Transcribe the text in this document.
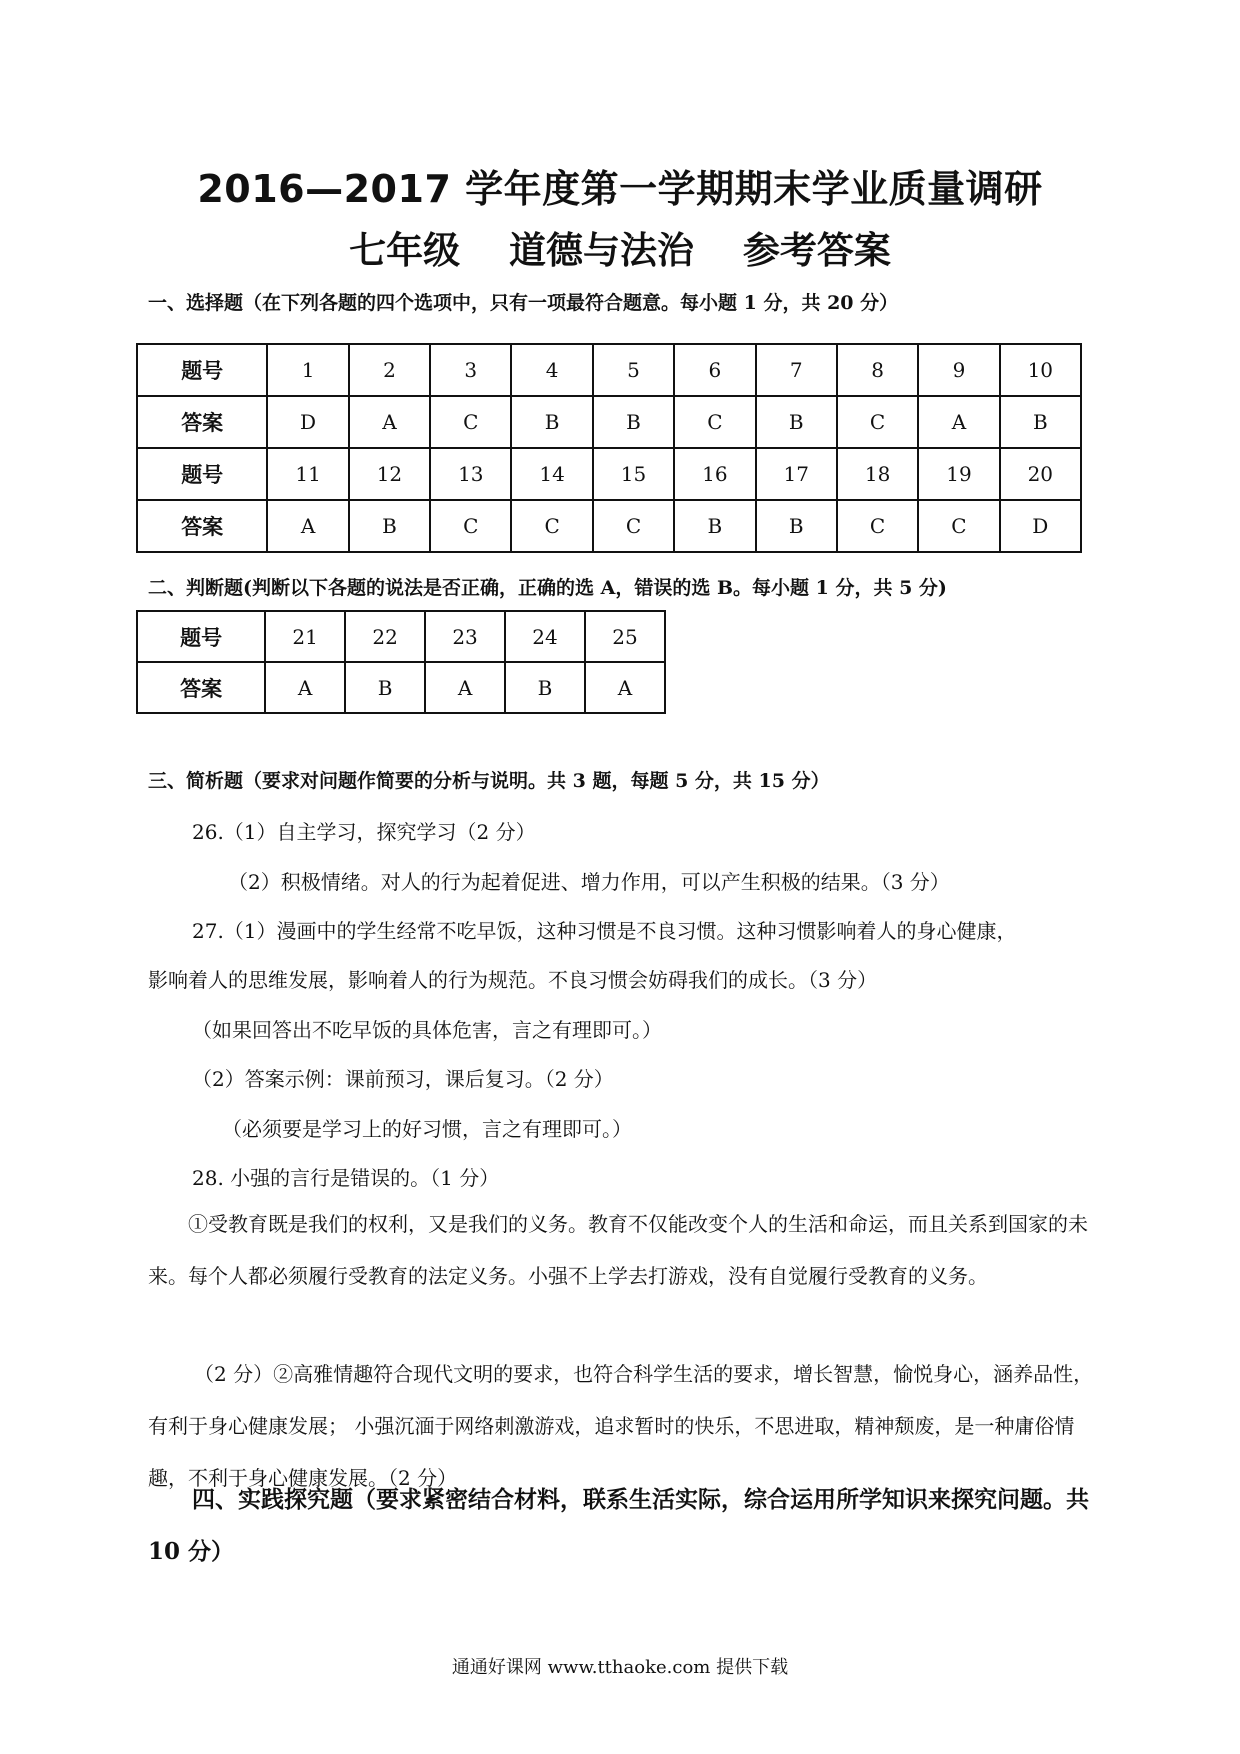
2016—2017 学年度第一学期期末学业质量调研
七年级 道德与法治 参考答案
一、选择题（在下列各题的四个选项中，只有一项最符合题意。每小题 1 分，共 20 分）
题号	1	2	3	4	5	6	7	8	9	10
答案	D	A	C	B	B	C	B	C	A	B
题号	11	12	13	14	15	16	17	18	19	20
答案	A	B	C	C	C	B	B	C	C	D
二、判断题(判断以下各题的说法是否正确，正确的选 A，错误的选 B。每小题 1 分，共 5 分)
题号	21	22	23	24	25
答案	A	B	A	B	A
三、简析题（要求对问题作简要的分析与说明。共 3 题，每题 5 分，共 15 分）
26.（1）自主学习，探究学习（2 分）
（2）积极情绪。对人的行为起着促进、增力作用，可以产生积极的结果。（3 分）
27.（1）漫画中的学生经常不吃早饭，这种习惯是不良习惯。这种习惯影响着人的身心健康，
影响着人的思维发展，影响着人的行为规范。不良习惯会妨碍我们的成长。（3 分）
（如果回答出不吃早饭的具体危害，言之有理即可。）
（2）答案示例：课前预习，课后复习。（2 分）
（必须要是学习上的好习惯，言之有理即可。）
28. 小强的言行是错误的。（1 分）
①受教育既是我们的权利，又是我们的义务。教育不仅能改变个人的生活和命运，而且关系到国家的未来。每个人都必须履行受教育的法定义务。小强不上学去打游戏，没有自觉履行受教育的义务。
（2 分）②高雅情趣符合现代文明的要求，也符合科学生活的要求，增长智慧，愉悦身心，涵养品性，有利于身心健康发展； 小强沉湎于网络刺激游戏，追求暂时的快乐，不思进取，精神颓废，是一种庸俗情趣，不利于身心健康发展。（2 分）
四、实践探究题（要求紧密结合材料，联系生活实际，综合运用所学知识来探究问题。共 10 分）
通通好课网 www.tthaoke.com 提供下载
